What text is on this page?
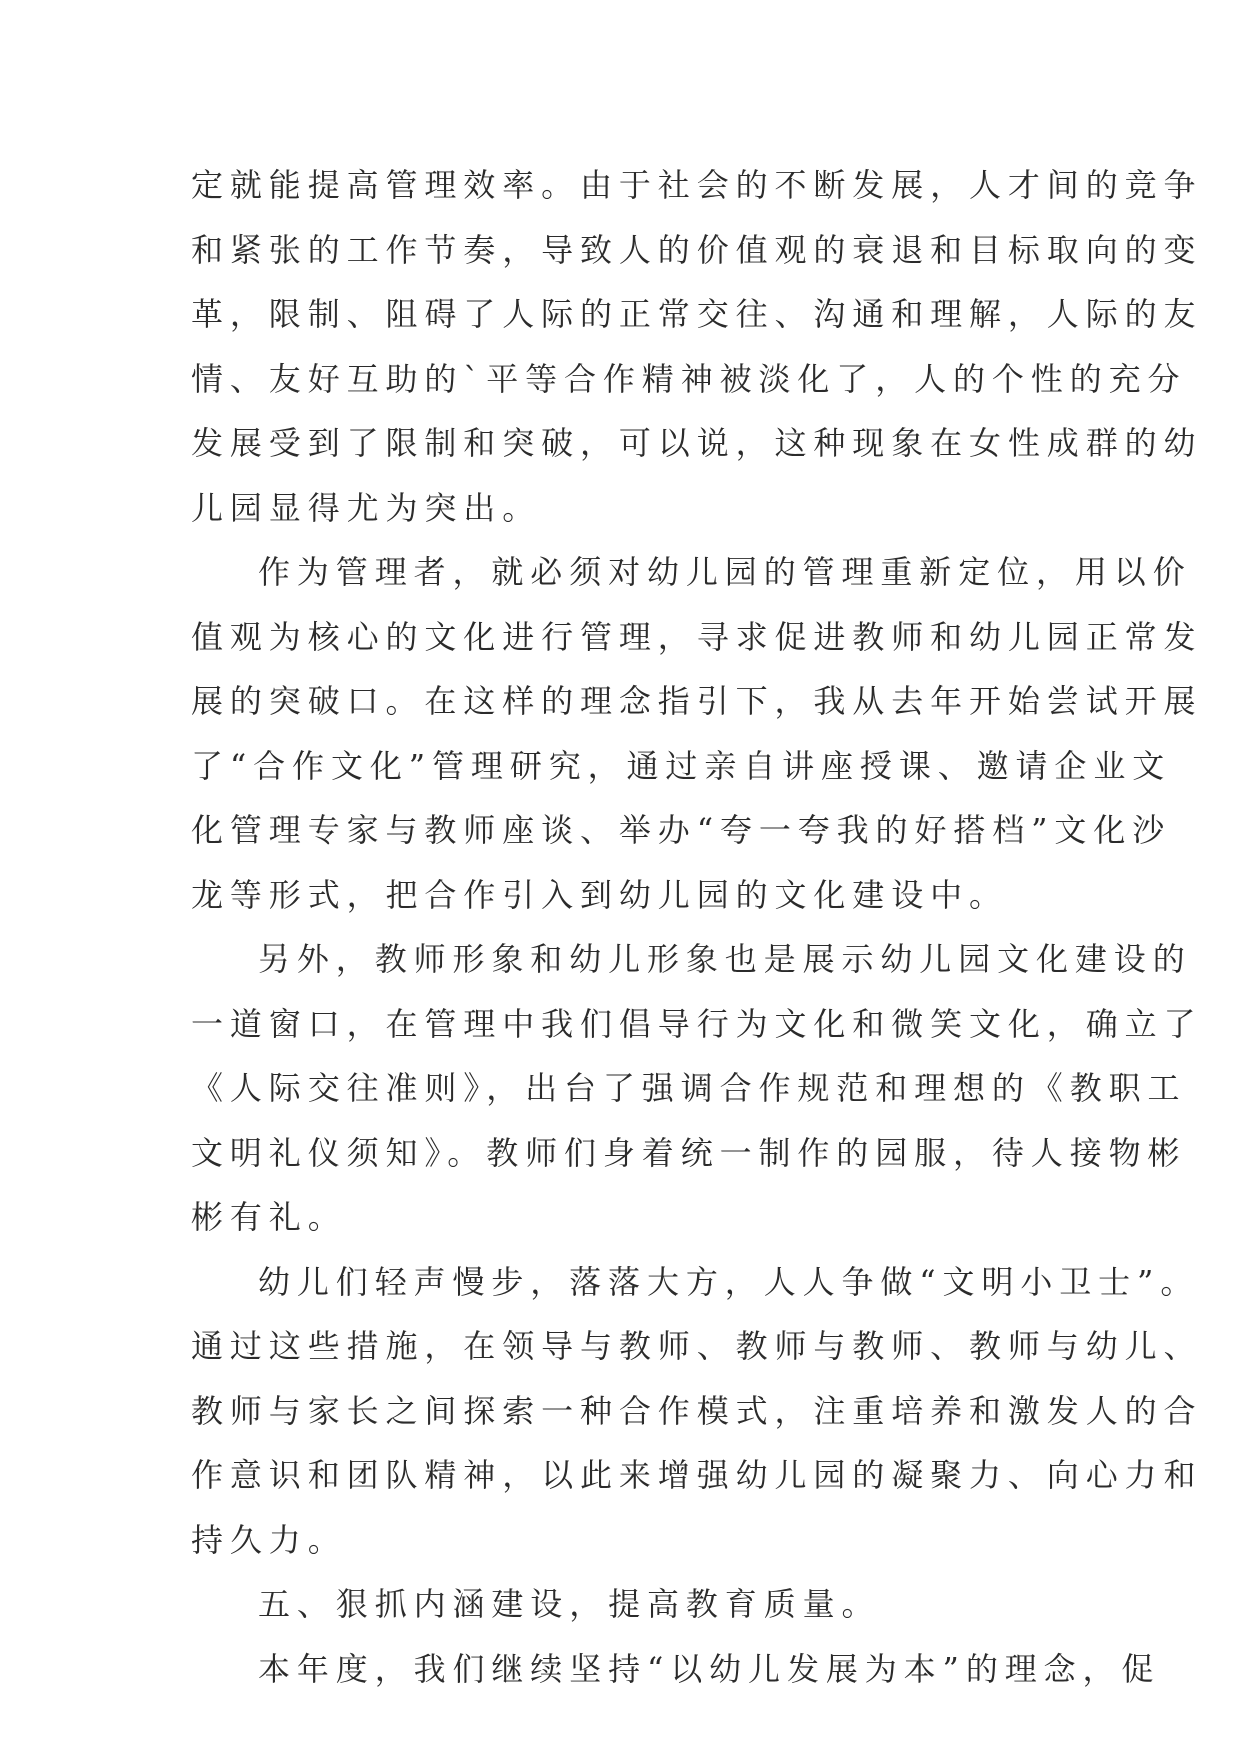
定就能提高管理效率。由于社会的不断发展，人才间的竞争

和紧张的工作节奏，导致人的价值观的衰退和目标取向的变

革，限制、阻碍了人际的正常交往、沟通和理解，人际的友

情、友好互助的`平等合作精神被淡化了，人的个性的充分

发展受到了限制和突破，可以说，这种现象在女性成群的幼

儿园显得尤为突出。

作为管理者，就必须对幼儿园的管理重新定位，用以价

值观为核心的文化进行管理，寻求促进教师和幼儿园正常发

展的突破口。在这样的理念指引下，我从去年开始尝试开展

了“合作文化”管理研究，通过亲自讲座授课、邀请企业文

化管理专家与教师座谈、举办“夸一夸我的好搭档”文化沙

龙等形式，把合作引入到幼儿园的文化建设中。

另外，教师形象和幼儿形象也是展示幼儿园文化建设的

一道窗口，在管理中我们倡导行为文化和微笑文化，确立了

《人际交往准则》，出台了强调合作规范和理想的《教职工

文明礼仪须知》。教师们身着统一制作的园服，待人接物彬

彬有礼。

幼儿们轻声慢步，落落大方，人人争做“文明小卫士”。

通过这些措施，在领导与教师、教师与教师、教师与幼儿、

教师与家长之间探索一种合作模式，注重培养和激发人的合

作意识和团队精神，以此来增强幼儿园的凝聚力、向心力和

持久力。

五、狠抓内涵建设，提高教育质量。

本年度，我们继续坚持“以幼儿发展为本”的理念，促
